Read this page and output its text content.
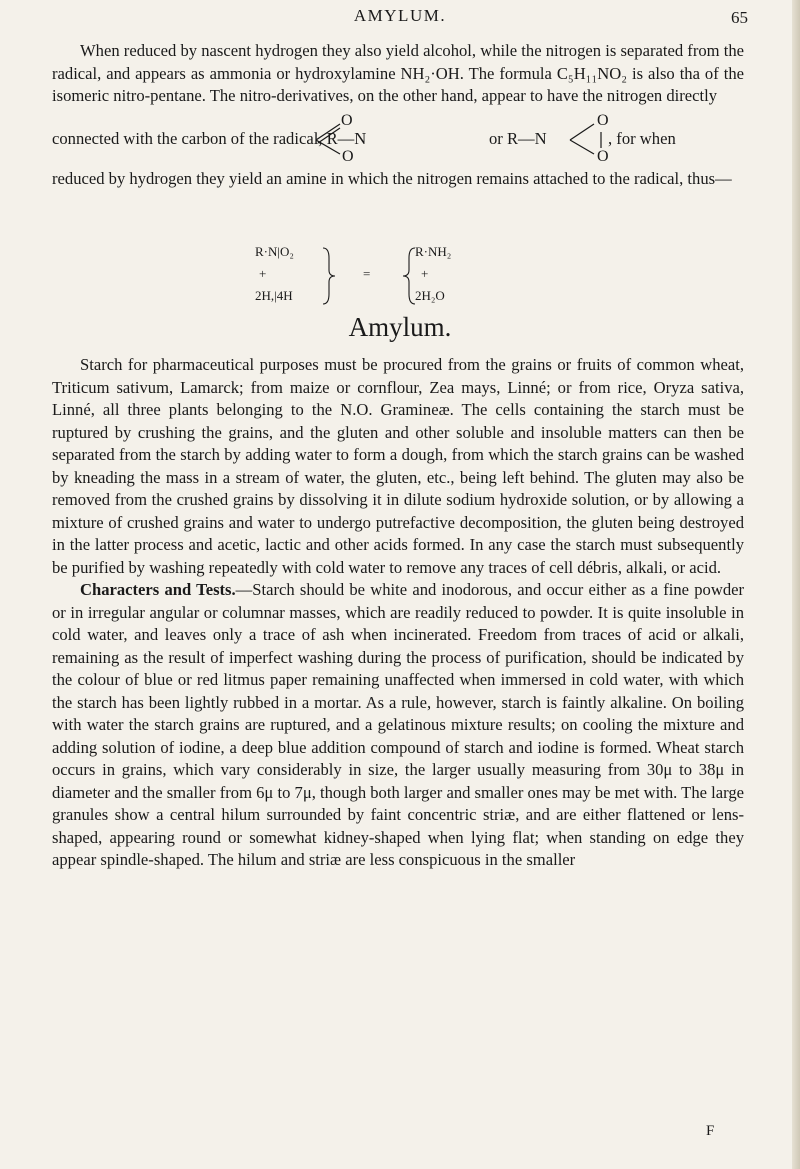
AMYLUM.	65

When reduced by nascent hydrogen they also yield alcohol, while the nitrogen is separated from the radical, and appears as ammonia or hydroxylamine NH₂·OH. The formula C₅H₁₁NO₂ is also tha of the isomeric nitro-pentane. The nitro-derivatives, on the other hand, appear to have the nitrogen directly

O
O
O
O
connected with the carbon of the radical, R—N	or R—N	, for when

reduced by hydrogen they yield an amine in which the nitrogen remains attached to the radical, thus—

R·N|O₂
+
2H,|4H
=
R·NH₂
+
2H₂O
Amylum.

Starch for pharmaceutical purposes must be procured from the grains or fruits of common wheat, Triticum sativum, Lamarck; from maize or cornflour, Zea mays, Linné; or from rice, Oryza sativa, Linné, all three plants belonging to the N.O. Gramineæ. The cells containing the starch must be ruptured by crushing the grains, and the gluten and other soluble and insoluble matters can then be separated from the starch by adding water to form a dough, from which the starch grains can be washed by kneading the mass in a stream of water, the gluten, etc., being left behind. The gluten may also be removed from the crushed grains by dissolving it in dilute sodium hydroxide solution, or by allowing a mixture of crushed grains and water to undergo putrefactive decomposition, the gluten being destroyed in the latter process and acetic, lactic and other acids formed. In any case the starch must subsequently be purified by washing repeatedly with cold water to remove any traces of cell débris, alkali, or acid.

Characters and Tests.—Starch should be white and inodorous, and occur either as a fine powder or in irregular angular or columnar masses, which are readily reduced to powder. It is quite insoluble in cold water, and leaves only a trace of ash when incinerated. Freedom from traces of acid or alkali, remaining as the result of imperfect washing during the process of purification, should be indicated by the colour of blue or red litmus paper remaining unaffected when immersed in cold water, with which the starch has been lightly rubbed in a mortar. As a rule, however, starch is faintly alkaline. On boiling with water the starch grains are ruptured, and a gelatinous mixture results; on cooling the mixture and adding solution of iodine, a deep blue addition compound of starch and iodine is formed. Wheat starch occurs in grains, which vary considerably in size, the larger usually measuring from 30μ to 38μ in diameter and the smaller from 6μ to 7μ, though both larger and smaller ones may be met with. The large granules show a central hilum surrounded by faint concentric striæ, and are either flattened or lens-shaped, appearing round or somewhat kidney-shaped when lying flat; when standing on edge they appear spindle-shaped. The hilum and striæ are less conspicuous in the smaller

F
